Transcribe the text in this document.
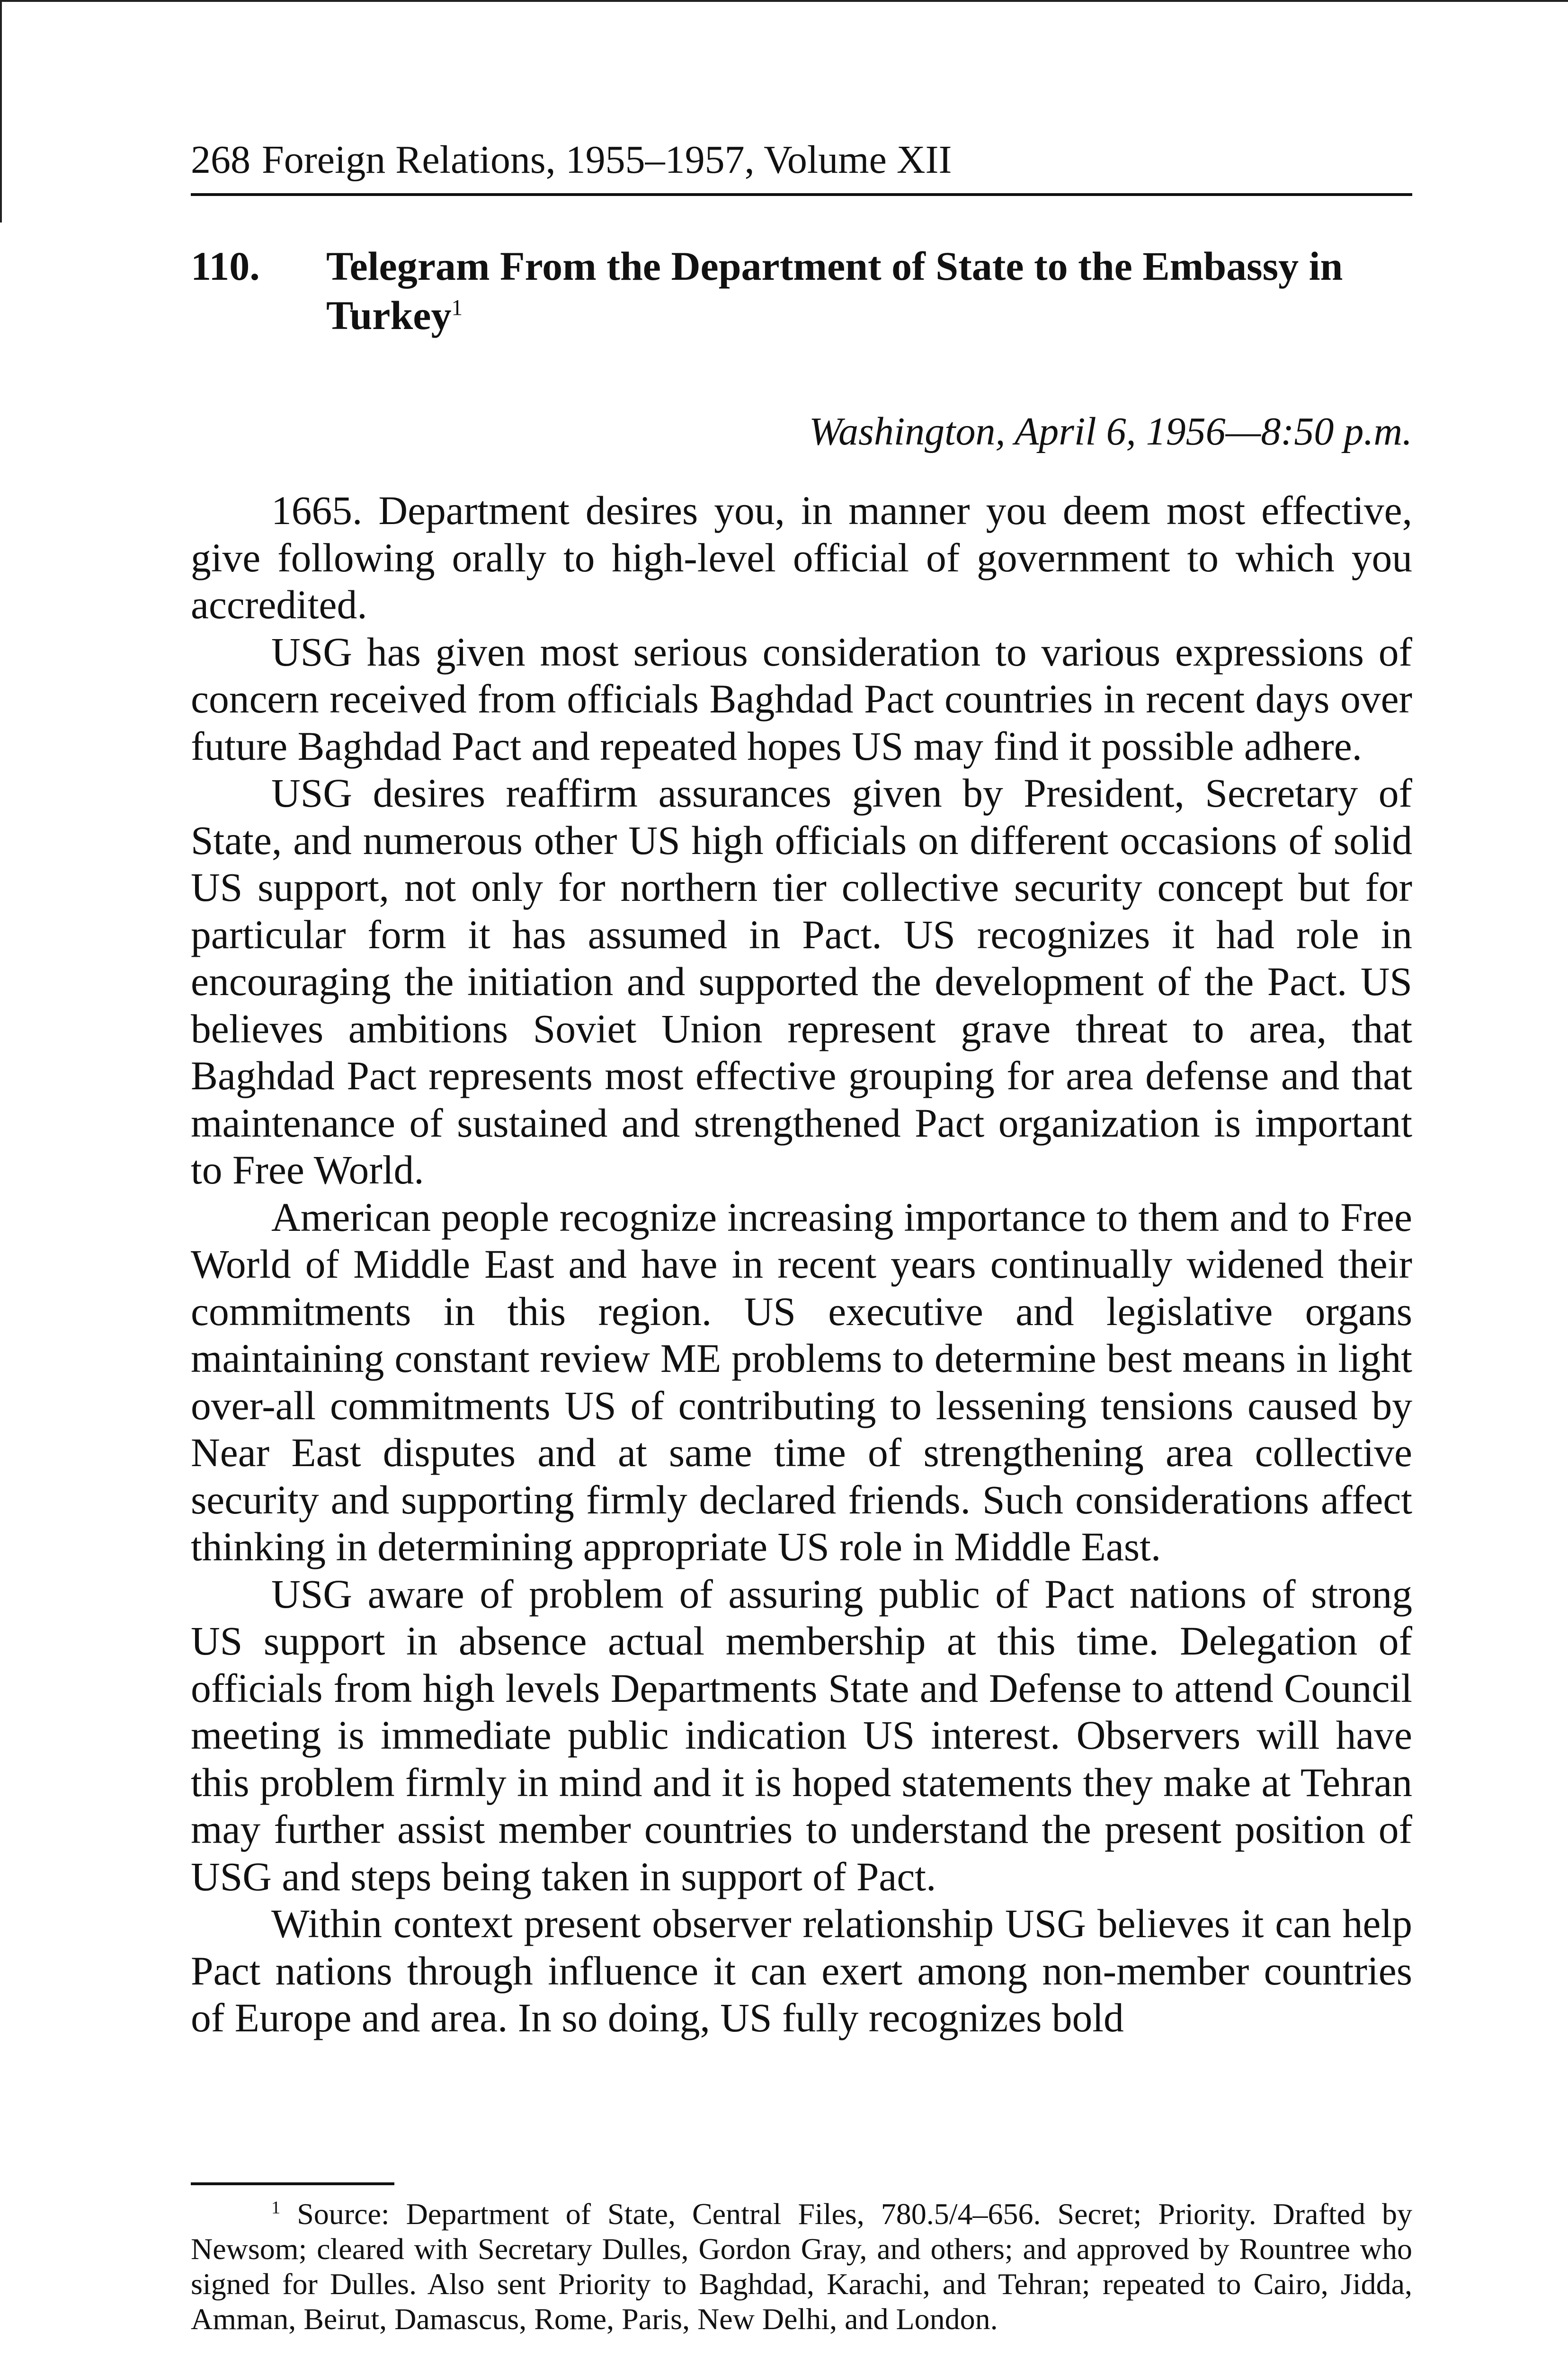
268 Foreign Relations, 1955–1957, Volume XII
110. Telegram From the Department of State to the Embassy in Turkey$^1$
Washington, April 6, 1956—8:50 p.m.

1665. Department desires you, in manner you deem most effective, give following orally to high-level official of government to which you accredited.

USG has given most serious consideration to various expressions of concern received from officials Baghdad Pact countries in recent days over future Baghdad Pact and repeated hopes US may find it possible adhere.

USG desires reaffirm assurances given by President, Secretary of State, and numerous other US high officials on different occasions of solid US support, not only for northern tier collective security concept but for particular form it has assumed in Pact. US recognizes it had role in encouraging the initiation and supported the development of the Pact. US believes ambitions Soviet Union represent grave threat to area, that Baghdad Pact represents most effective grouping for area defense and that maintenance of sustained and strengthened Pact organization is important to Free World.

American people recognize increasing importance to them and to Free World of Middle East and have in recent years continually widened their commitments in this region. US executive and legislative organs maintaining constant review ME problems to determine best means in light over-all commitments US of contributing to lessening tensions caused by Near East disputes and at same time of strengthening area collective security and supporting firmly declared friends. Such considerations affect thinking in determining appropriate US role in Middle East.

USG aware of problem of assuring public of Pact nations of strong US support in absence actual membership at this time. Delegation of officials from high levels Departments State and Defense to attend Council meeting is immediate public indication US interest. Observers will have this problem firmly in mind and it is hoped statements they make at Tehran may further assist member countries to understand the present position of USG and steps being taken in support of Pact.

Within context present observer relationship USG believes it can help Pact nations through influence it can exert among non-member countries of Europe and area. In so doing, US fully recognizes bold

$^1$ Source: Department of State, Central Files, 780.5/4–656. Secret; Priority. Drafted by Newsom; cleared with Secretary Dulles, Gordon Gray, and others; and approved by Rountree who signed for Dulles. Also sent Priority to Baghdad, Karachi, and Tehran; repeated to Cairo, Jidda, Amman, Beirut, Damascus, Rome, Paris, New Delhi, and London.
